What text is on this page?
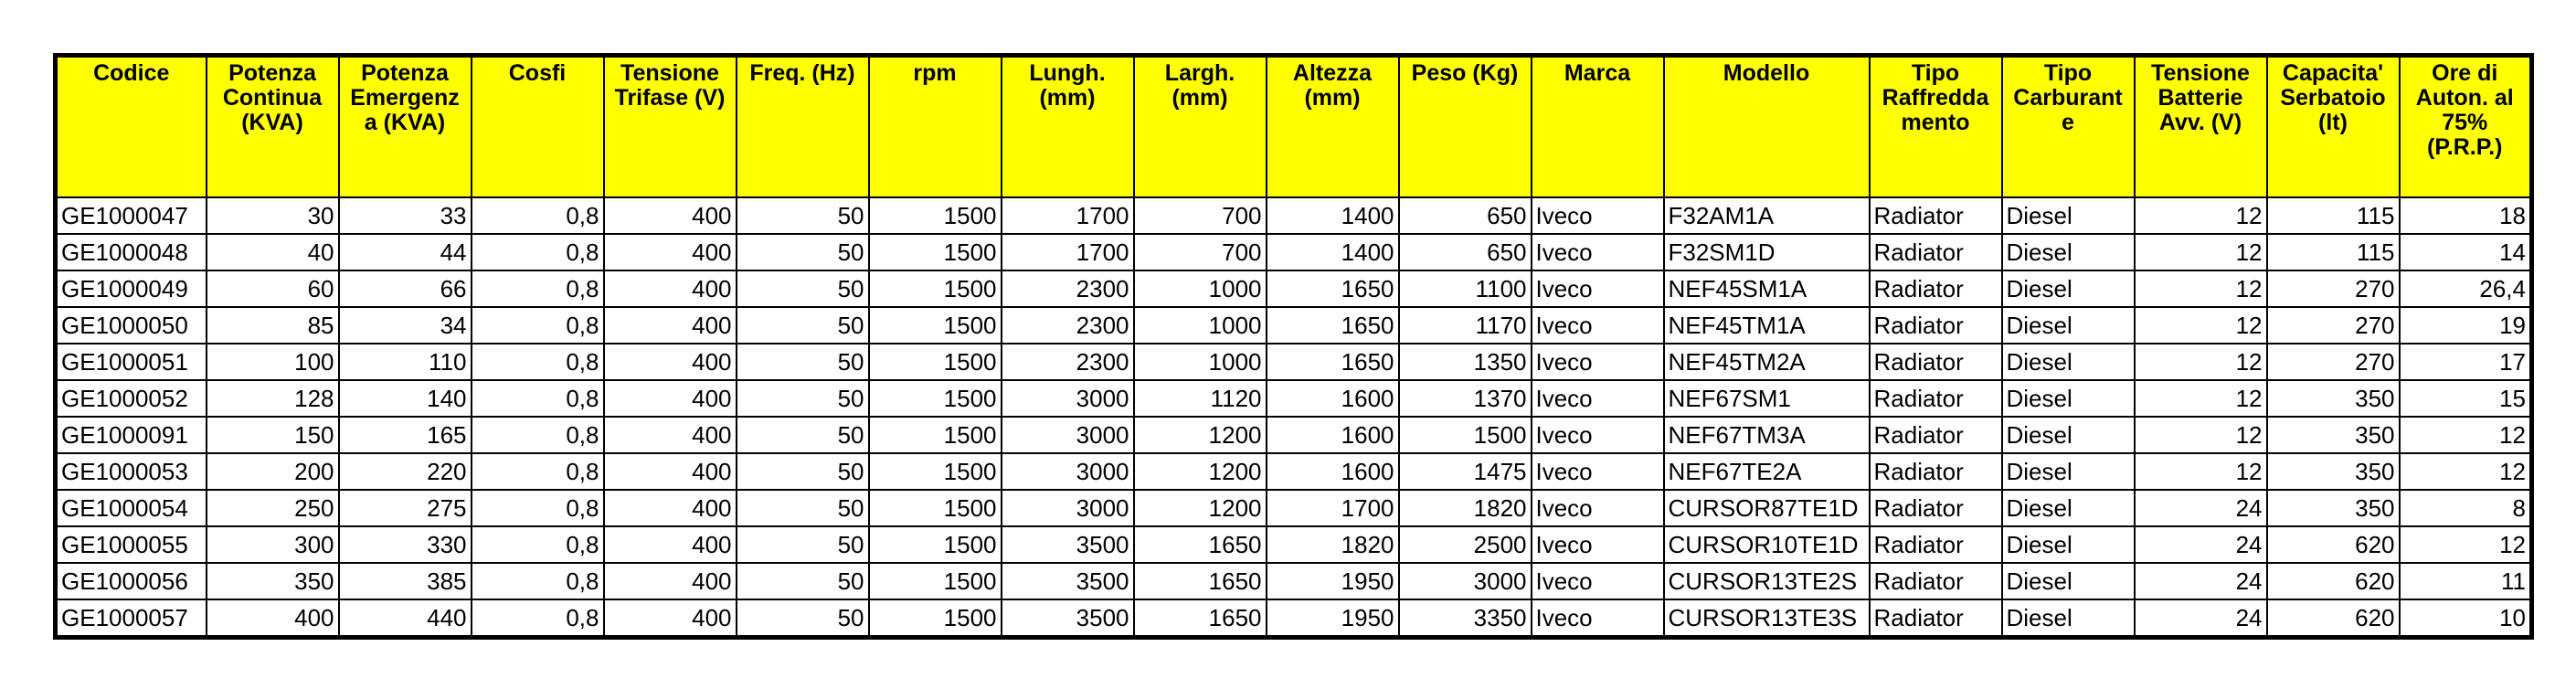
Codice	Potenza
Continua
(KVA)	Potenza
Emergenz
a (KVA)	Cosfi	Tensione
Trifase (V)	Freq. (Hz)	rpm	Lungh.
(mm)	Largh.
(mm)	Altezza
(mm)	Peso (Kg)	Marca	Modello	Tipo
Raffredda
mento	Tipo
Carburant
e	Tensione
Batterie
Avv. (V)	Capacita'
Serbatoio
(lt)	Ore di
Auton. al
75%
(P.R.P.)

GE1000047	30	33	0,8	400	50	1500	1700	700	1400	650	Iveco	F32AM1A	Radiator	Diesel	12	115	18
GE1000048	40	44	0,8	400	50	1500	1700	700	1400	650	Iveco	F32SM1D	Radiator	Diesel	12	115	14
GE1000049	60	66	0,8	400	50	1500	2300	1000	1650	1100	Iveco	NEF45SM1A	Radiator	Diesel	12	270	26,4
GE1000050	85	34	0,8	400	50	1500	2300	1000	1650	1170	Iveco	NEF45TM1A	Radiator	Diesel	12	270	19
GE1000051	100	110	0,8	400	50	1500	2300	1000	1650	1350	Iveco	NEF45TM2A	Radiator	Diesel	12	270	17
GE1000052	128	140	0,8	400	50	1500	3000	1120	1600	1370	Iveco	NEF67SM1	Radiator	Diesel	12	350	15
GE1000091	150	165	0,8	400	50	1500	3000	1200	1600	1500	Iveco	NEF67TM3A	Radiator	Diesel	12	350	12
GE1000053	200	220	0,8	400	50	1500	3000	1200	1600	1475	Iveco	NEF67TE2A	Radiator	Diesel	12	350	12
GE1000054	250	275	0,8	400	50	1500	3000	1200	1700	1820	Iveco	CURSOR87TE1D	Radiator	Diesel	24	350	8
GE1000055	300	330	0,8	400	50	1500	3500	1650	1820	2500	Iveco	CURSOR10TE1D	Radiator	Diesel	24	620	12
GE1000056	350	385	0,8	400	50	1500	3500	1650	1950	3000	Iveco	CURSOR13TE2S	Radiator	Diesel	24	620	11
GE1000057	400	440	0,8	400	50	1500	3500	1650	1950	3350	Iveco	CURSOR13TE3S	Radiator	Diesel	24	620	10
